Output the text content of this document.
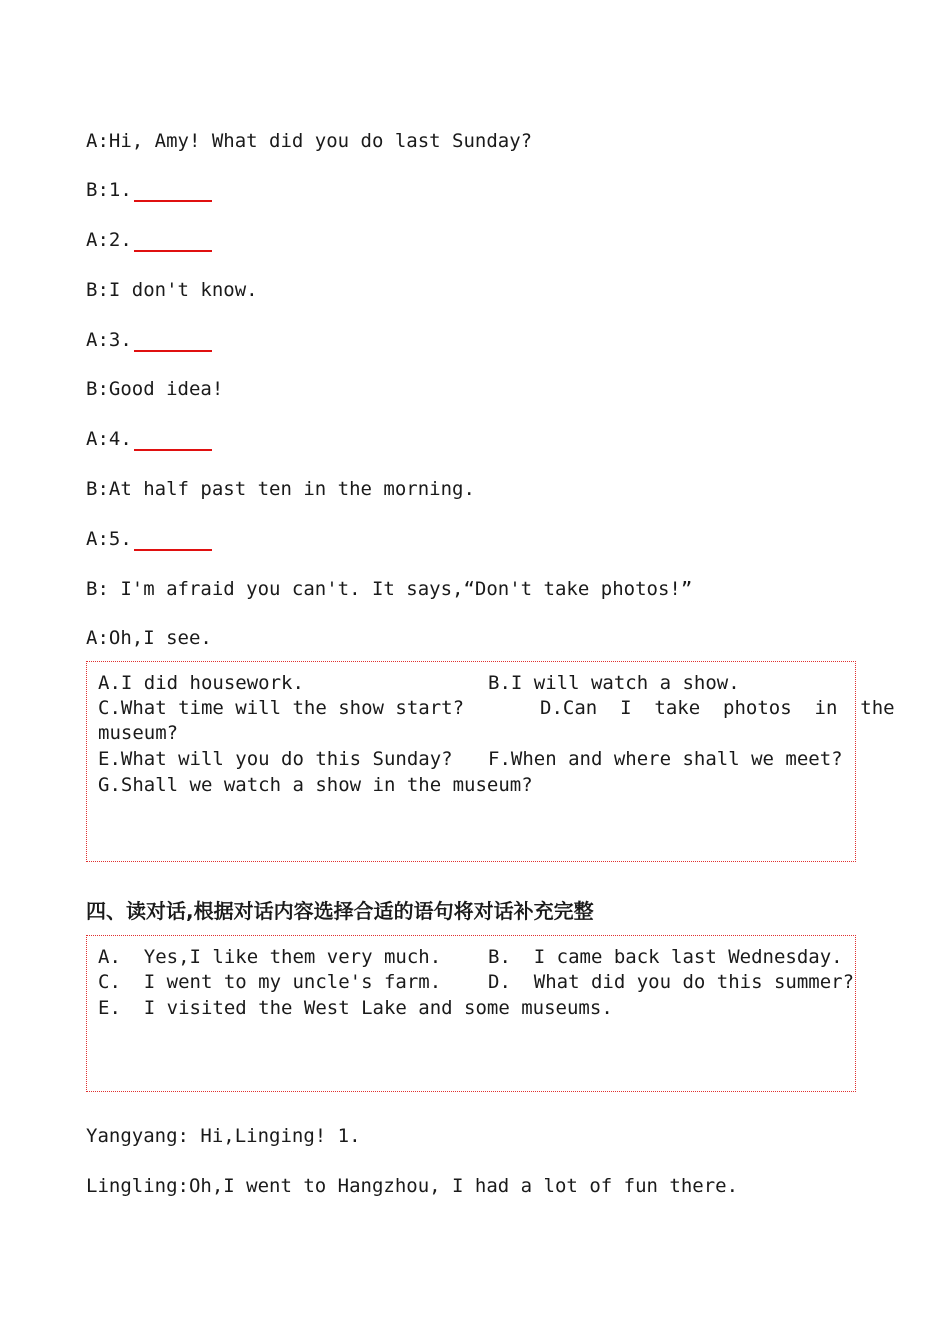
A:Hi, Amy! What did you do last Sunday?
B:1.
A:2.
B:I don't know.
A:3.
B:Good idea!
A:4.
B:At half past ten in the morning.
A:5.
B: I'm afraid you can't. It says,“Don't take photos!”
A:Oh,I see.
A.I did housework.	B.I will watch a show.
C.What time will the show start?	D.Can  I  take  photos  in  the
museum?
E.What will you do this Sunday? F.When and where shall we meet?
G.Shall we watch a show in the museum?
四、读对话,根据对话内容选择合适的语句将对话补充完整
A.  Yes,I like them very much. B.  I came back last Wednesday.
C.  I went to my uncle's farm. D.  What did you do this summer?
E.  I visited the West Lake and some museums.
Yangyang: Hi,Linging! 1.
Lingling:Oh,I went to Hangzhou, I had a lot of fun there.
